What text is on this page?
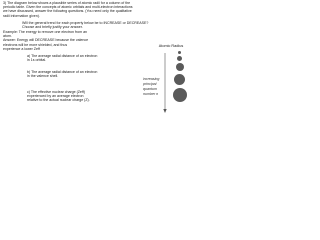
3) The diagram below shows a plausible series of atomic radii for a column of the
periodic table. Given the concepts of atomic orbitals and multi-electron interactions
we have discussed, answer the following questions. (You need only the qualitative
radii information given).
Will the general trend for each property below be to INCREASE or DECREASE?
Choose and briefly justify your answer.
Example: The energy to remove one electron from an
atom.
Answer: Energy will DECREASE because the valence
electrons will be more shielded, and thus
experience a lower Zeff
a) The average radial distance of an electron
in 1s orbital.
b) The average radial distance of an electron
in the valence shell.
c) The effective nuclear charge (Zeff)
experienced by an average electron
relative to the actual nuclear charge (Z).
Atomic Radius
increasing
principal
quantum
number n
